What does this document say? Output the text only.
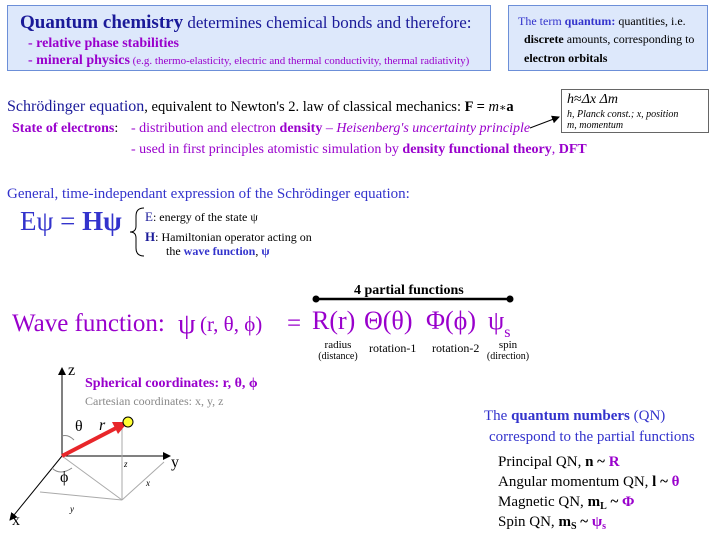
Quantum chemistry determines chemical bonds and therefore:
- relative phase stabilities
- mineral physics (e.g. thermo-elasticity, electric and thermal conductivity, thermal radiativity)
The term quantum: quantities, i.e.
discrete amounts, corresponding to
electron orbitals
h≈Δx Δm
h, Planck const.; x, position
m, momentum
Schrödinger equation, equivalent to Newton's 2. law of classical mechanics: F = m∗a
State of electrons: - distribution and electron density – Heisenberg's uncertainty principle
- used in first principles atomistic simulation by density functional theory, DFT
General, time-independant expression of the Schrödinger equation:
Eψ = Hψ E: energy of the state ψ
H: Hamiltonian operator acting on
the wave function, ψ
4 partial functions
Wave function: ψ (r, θ, ϕ) = R(r) Θ(θ) Φ(ϕ) $\psi_s$
radius
(distance)
rotation-1 rotation-2	spin
(direction)
Spherical coordinates: r, θ, ϕ
Cartesian coordinates: x, y, z
The quantum numbers (QN)
correspond to the partial functions
Principal QN, n ~ R
Angular momentum QN, l ~ θ
Magnetic QN, $m_L$ ~ Φ
Spin QN, $m_S$ ~ $\psi_s$
z
y
x
θ r
ϕ
z
x
y
